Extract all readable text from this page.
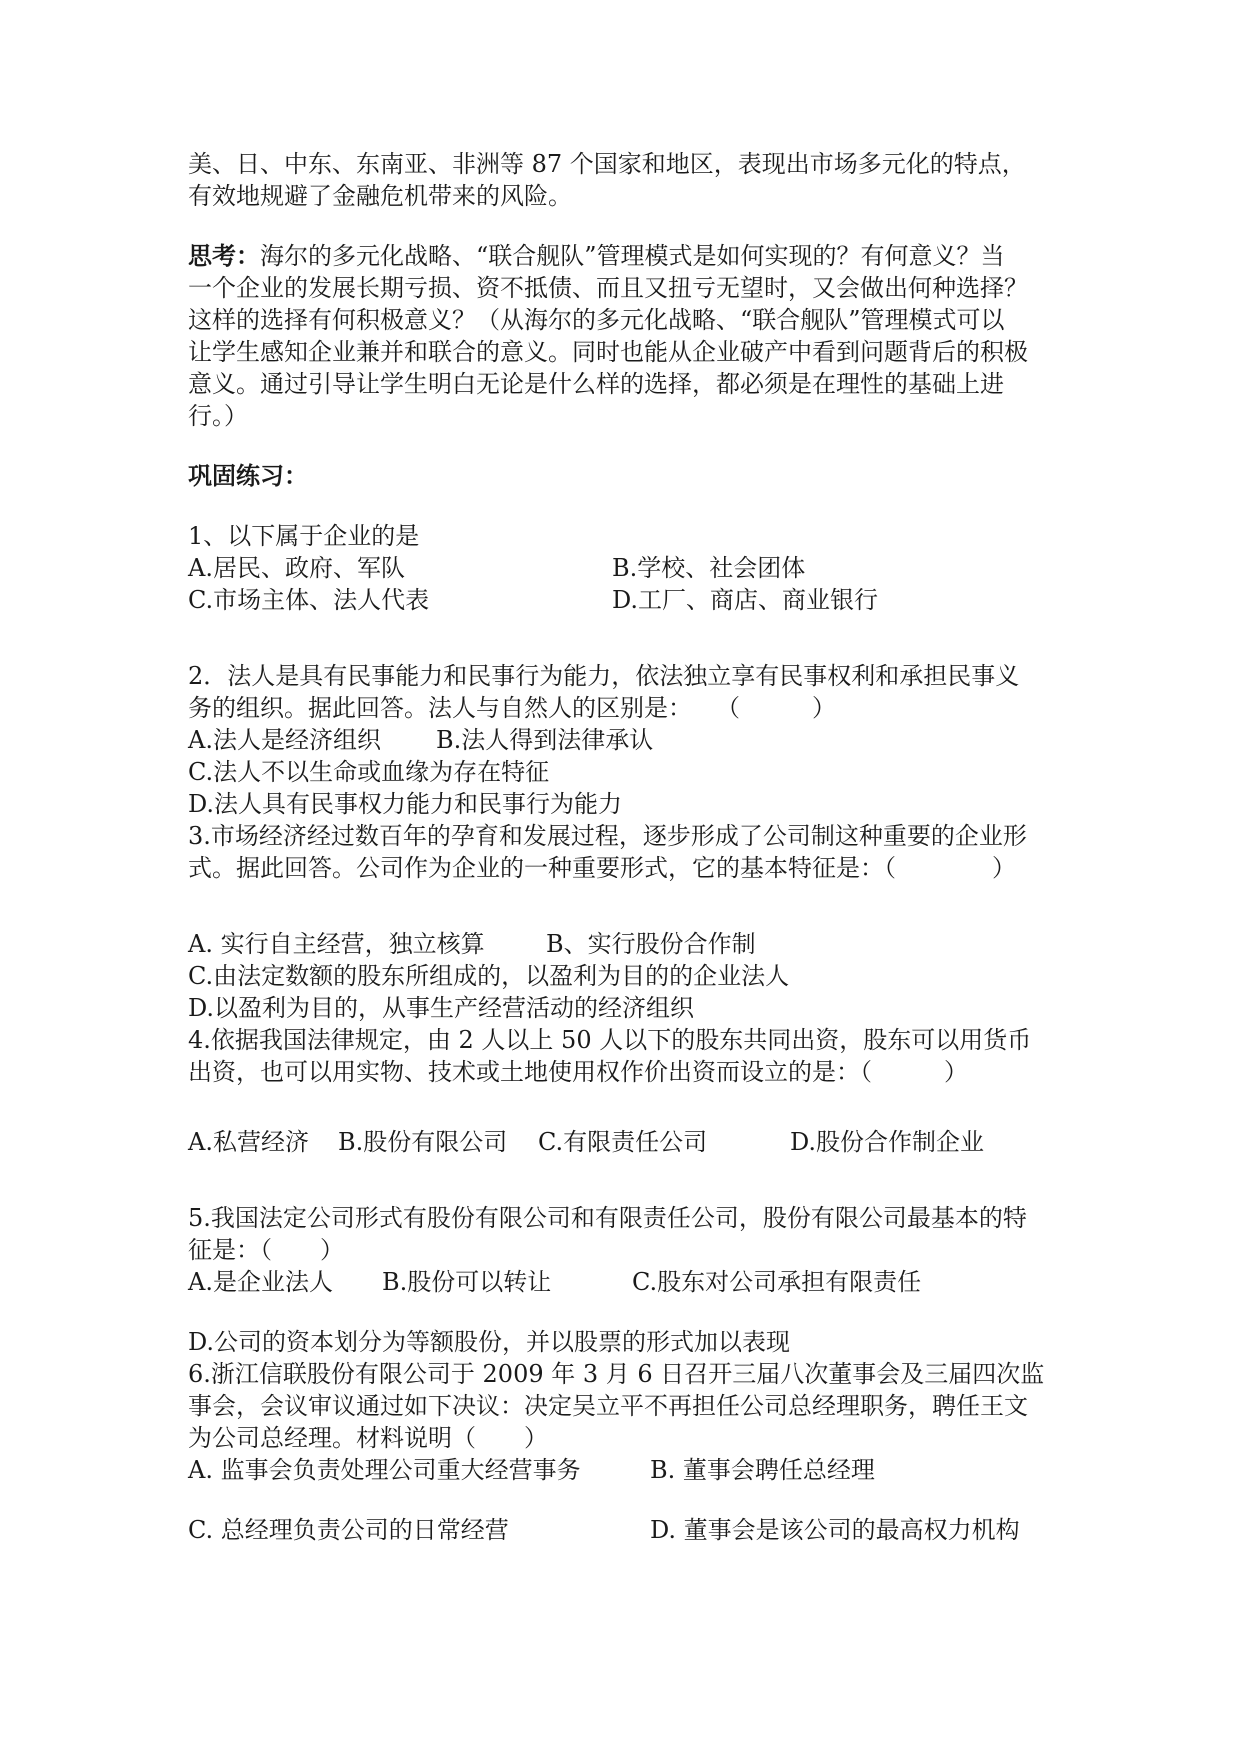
美、日、中东、东南亚、非洲等 87 个国家和地区，表现出市场多元化的特点，
有效地规避了金融危机带来的风险。
思考：海尔的多元化战略、“联合舰队”管理模式是如何实现的？有何意义？当
一个企业的发展长期亏损、资不抵债、而且又扭亏无望时，又会做出何种选择？
这样的选择有何积极意义？（从海尔的多元化战略、“联合舰队”管理模式可以
让学生感知企业兼并和联合的意义。同时也能从企业破产中看到问题背后的积极
意义。通过引导让学生明白无论是什么样的选择，都必须是在理性的基础上进
行。）
巩固练习：
1、以下属于企业的是
A.居民、政府、军队	B.学校、社会团体
C.市场主体、法人代表	D.工厂、商店、商业银行
2．法人是具有民事能力和民事行为能力，依法独立享有民事权利和承担民事义
务的组织。据此回答。法人与自然人的区别是：　　（　　　）
A.法人是经济组织 B.法人得到法律承认
C.法人不以生命或血缘为存在特征
D.法人具有民事权力能力和民事行为能力
3.市场经济经过数百年的孕育和发展过程，逐步形成了公司制这种重要的企业形
式。据此回答。公司作为企业的一种重要形式，它的基本特征是：（　　　　）
A. 实行自主经营，独立核算	B、实行股份合作制
C.由法定数额的股东所组成的，以盈利为目的的企业法人
D.以盈利为目的，从事生产经营活动的经济组织
4.依据我国法律规定，由 2 人以上 50 人以下的股东共同出资，股东可以用货币
出资，也可以用实物、技术或土地使用权作价出资而设立的是：（　　　）
A.私营经济 B.股份有限公司 C.有限责任公司	D.股份合作制企业
5.我国法定公司形式有股份有限公司和有限责任公司，股份有限公司最基本的特
征是：（　　）
A.是企业法人 B.股份可以转让	C.股东对公司承担有限责任
D.公司的资本划分为等额股份，并以股票的形式加以表现
6.浙江信联股份有限公司于 2009 年 3 月 6 日召开三届八次董事会及三届四次监
事会，会议审议通过如下决议：决定吴立平不再担任公司总经理职务，聘任王文
为公司总经理。材料说明（　　）
A. 监事会负责处理公司重大经营事务	B. 董事会聘任总经理
C. 总经理负责公司的日常经营	D. 董事会是该公司的最高权力机构
